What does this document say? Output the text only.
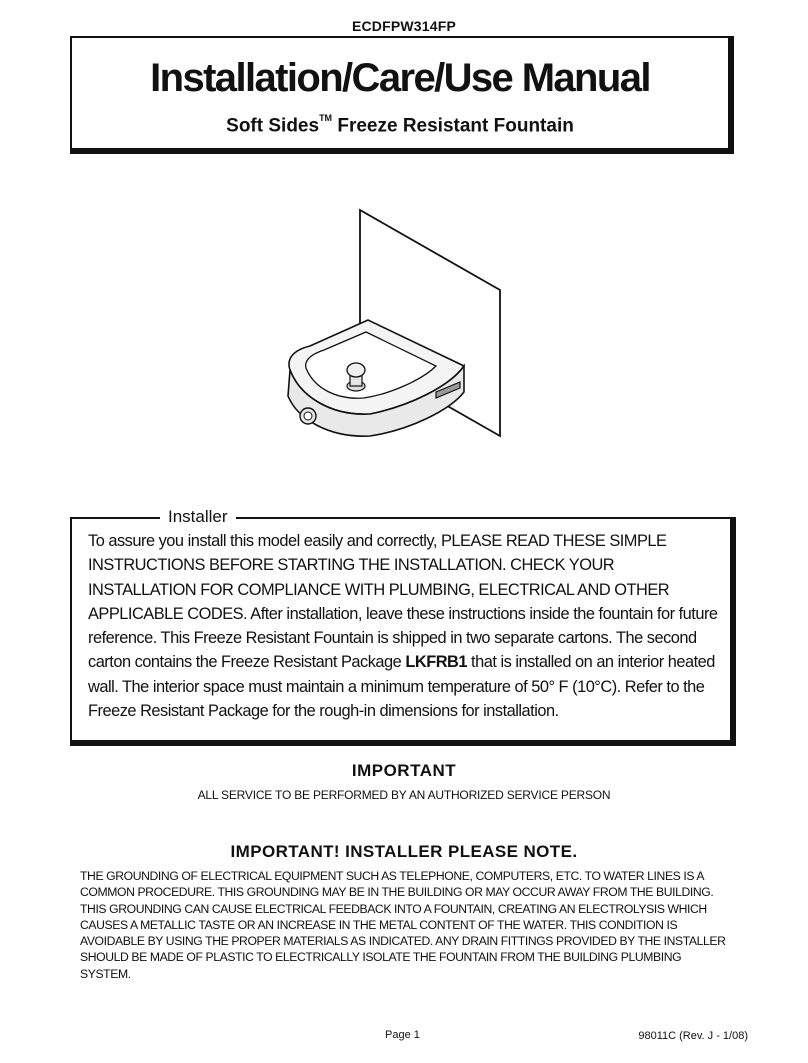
ECDFPW314FP
Installation/Care/Use Manual
Soft Sides™ Freeze Resistant Fountain
Installer
To assure you install this model easily and correctly, PLEASE READ THESE SIMPLE INSTRUCTIONS BEFORE STARTING THE INSTALLATION. CHECK YOUR INSTALLATION FOR COMPLIANCE WITH PLUMBING, ELECTRICAL AND OTHER APPLICABLE CODES. After installation, leave these instructions inside the fountain for future reference. This Freeze Resistant Fountain is shipped in two separate cartons. The second carton contains the Freeze Resistant Package LKFRB1 that is installed on an interior heated wall. The interior space must maintain a minimum temperature of 50° F (10°C). Refer to the Freeze Resistant Package for the rough-in dimensions for installation.
IMPORTANT
ALL SERVICE TO BE PERFORMED BY AN AUTHORIZED SERVICE PERSON
IMPORTANT! INSTALLER PLEASE NOTE.
THE GROUNDING OF ELECTRICAL EQUIPMENT SUCH AS TELEPHONE, COMPUTERS, ETC. TO WATER LINES IS A COMMON PROCEDURE. THIS GROUNDING MAY BE IN THE BUILDING OR MAY OCCUR AWAY FROM THE BUILDING. THIS GROUNDING CAN CAUSE ELECTRICAL FEEDBACK INTO A FOUNTAIN, CREATING AN ELECTROLYSIS WHICH CAUSES A METALLIC TASTE OR AN INCREASE IN THE METAL CONTENT OF THE WATER. THIS CONDITION IS AVOIDABLE BY USING THE PROPER MATERIALS AS INDICATED. ANY DRAIN FITTINGS PROVIDED BY THE INSTALLER SHOULD BE MADE OF PLASTIC TO ELECTRICALLY ISOLATE THE FOUNTAIN FROM THE BUILDING PLUMBING SYSTEM.
Page 1	98011C (Rev. J - 1/08)
